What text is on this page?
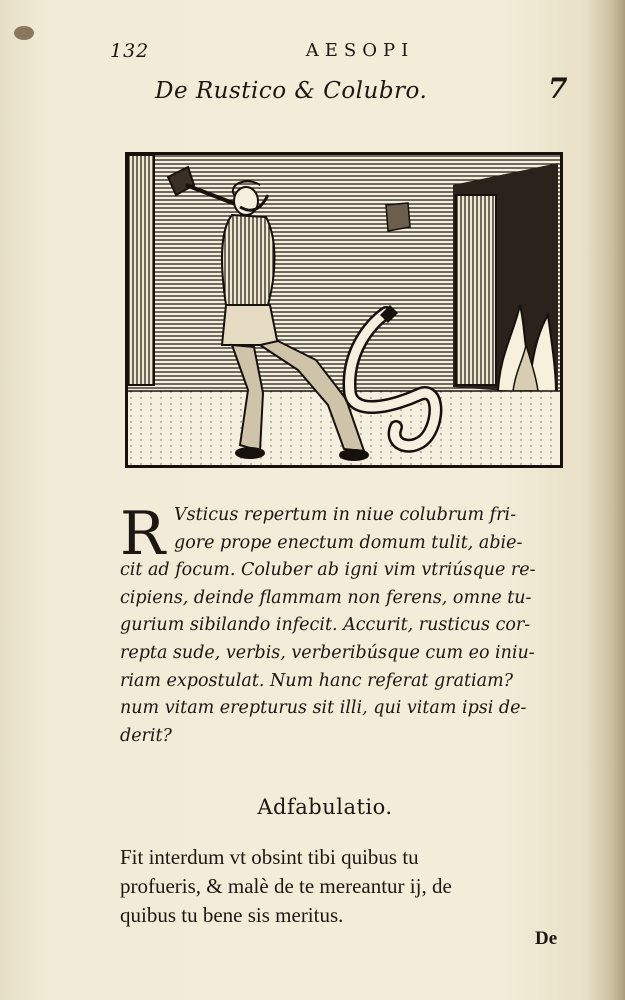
132	AESOPI
De Rustico & Colubro.	7
R Vsticus repertum in niue colubrum fri-
gore prope enectum domum tulit, abie-
cit ad focum. Coluber ab igni vim vtriúsque re-
cipiens, deinde flammam non ferens, omne tu-
gurium sibilando infecit. Accurit, rusticus cor-
repta sude, verbis, verberibúsque cum eo iniu-
riam expostulat. Num hanc referat gratiam?
num vitam erepturus sit illi, qui vitam ipsi de-
derit?
Adfabulatio.
Fit interdum vt obsint tibi quibus tu
profueris, & malè de te mereantur ij, de
quibus tu bene sis meritus.
De
